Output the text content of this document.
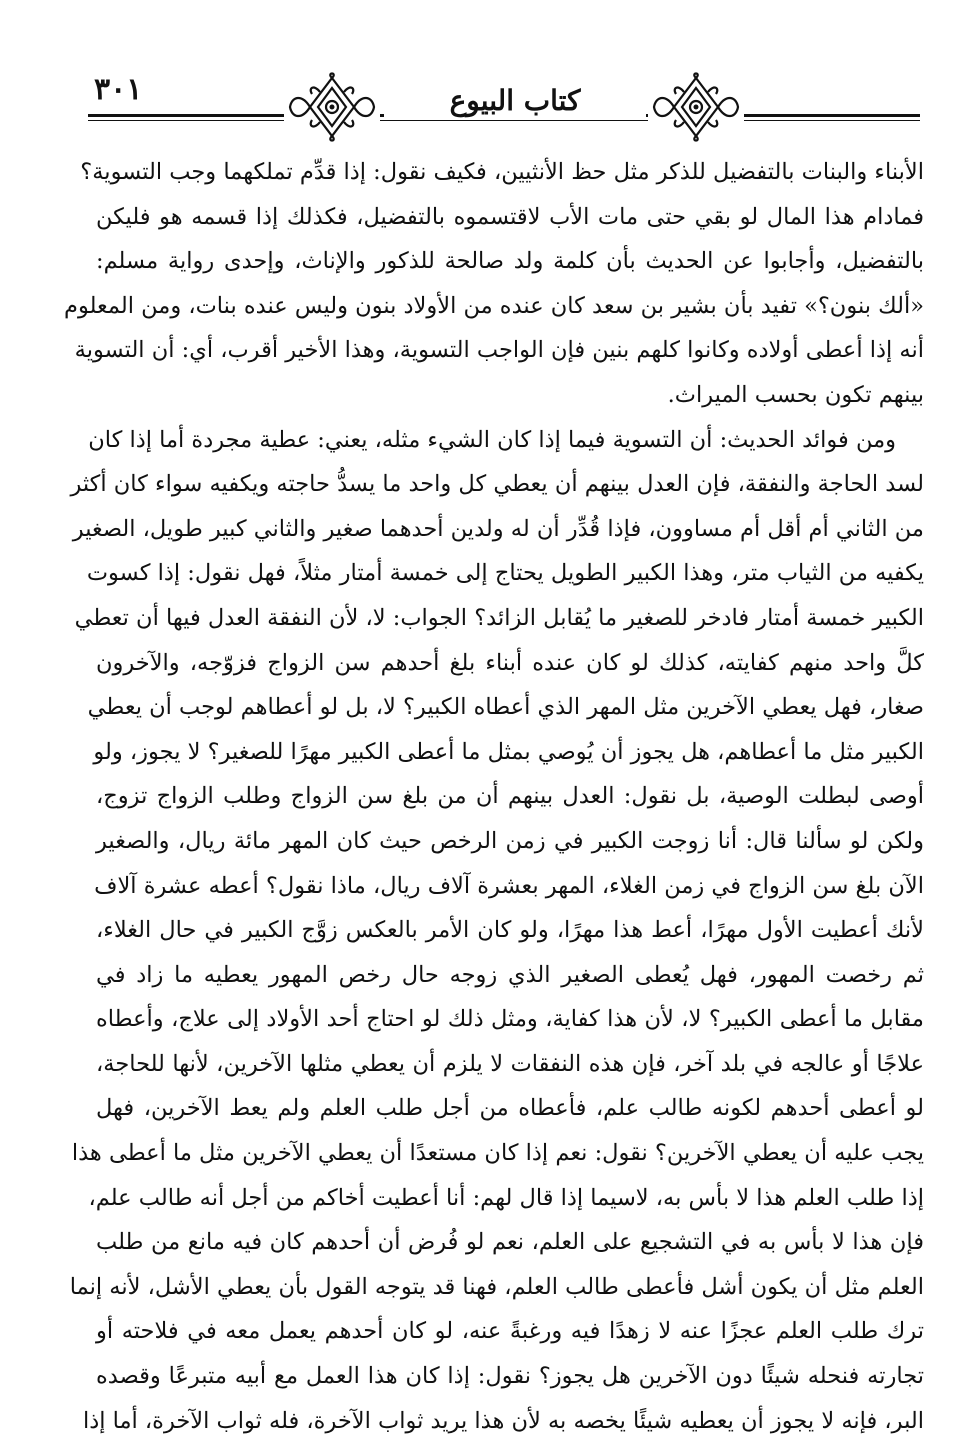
٣٠١	كتاب البيوع
الأبناء والبنات بالتفضيل للذكر مثل حظ الأنثيين، فكيف نقول: إذا قدِّم تملكهما وجب التسوية؟
فمادام هذا المال لو بقي حتى مات الأب لاقتسموه بالتفضيل، فكذلك إذا قسمه هو فليكن
بالتفضيل، وأجابوا عن الحديث بأن كلمة ولد صالحة للذكور والإناث، وإحدى رواية مسلم:
«ألك بنون؟» تفيد بأن بشير بن سعد كان عنده من الأولاد بنون وليس عنده بنات، ومن المعلوم
أنه إذا أعطى أولاده وكانوا كلهم بنين فإن الواجب التسوية، وهذا الأخير أقرب، أي: أن التسوية
بينهم تكون بحسب الميراث.
ومن فوائد الحديث: أن التسوية فيما إذا كان الشيء مثله، يعني: عطية مجردة أما إذا كان
لسد الحاجة والنفقة، فإن العدل بينهم أن يعطي كل واحد ما يسدُّ حاجته ويكفيه سواء كان أكثر
من الثاني أم أقل أم مساوون، فإذا قُدِّر أن له ولدين أحدهما صغير والثاني كبير طويل، الصغير
يكفيه من الثياب متر، وهذا الكبير الطويل يحتاج إلى خمسة أمتار مثلاً، فهل نقول: إذا كسوت
الكبير خمسة أمتار فادخر للصغير ما يُقابل الزائد؟ الجواب: لا، لأن النفقة العدل فيها أن تعطي
كلَّ واحد منهم كفايته، كذلك لو كان عنده أبناء بلغ أحدهم سن الزواج فزوّجه، والآخرون
صغار، فهل يعطي الآخرين مثل المهر الذي أعطاه الكبير؟ لا، بل لو أعطاهم لوجب أن يعطي
الكبير مثل ما أعطاهم، هل يجوز أن يُوصي بمثل ما أعطى الكبير مهرًا للصغير؟ لا يجوز، ولو
أوصى لبطلت الوصية، بل نقول: العدل بينهم أن من بلغ سن الزواج وطلب الزواج تزوج،
ولكن لو سألنا قال: أنا زوجت الكبير في زمن الرخص حيث كان المهر مائة ريال، والصغير
الآن بلغ سن الزواج في زمن الغلاء، المهر بعشرة آلاف ريال، ماذا نقول؟ أعطه عشرة آلاف
لأنك أعطيت الأول مهرًا، أعط هذا مهرًا، ولو كان الأمر بالعكس زوَّج الكبير في حال الغلاء،
ثم رخصت المهور، فهل يُعطى الصغير الذي زوجه حال رخص المهور يعطيه ما زاد في
مقابل ما أعطى الكبير؟ لا، لأن هذا كفاية، ومثل ذلك لو احتاج أحد الأولاد إلى علاج، وأعطاه
علاجًا أو عالجه في بلد آخر، فإن هذه النفقات لا يلزم أن يعطي مثلها الآخرين، لأنها للحاجة،
لو أعطى أحدهم لكونه طالب علم، فأعطاه من أجل طلب العلم ولم يعط الآخرين، فهل
يجب عليه أن يعطي الآخرين؟ نقول: نعم إذا كان مستعدًا أن يعطي الآخرين مثل ما أعطى هذا
إذا طلب العلم هذا لا بأس به، لاسيما إذا قال لهم: أنا أعطيت أخاكم من أجل أنه طالب علم،
فإن هذا لا بأس به في التشجيع على العلم، نعم لو فُرض أن أحدهم كان فيه مانع من طلب
العلم مثل أن يكون أشل فأعطى طالب العلم، فهنا قد يتوجه القول بأن يعطي الأشل، لأنه إنما
ترك طلب العلم عجزًا عنه لا زهدًا فيه ورغبةً عنه، لو كان أحدهم يعمل معه في فلاحته أو
تجارته فنحله شيئًا دون الآخرين هل يجوز؟ نقول: إذا كان هذا العمل مع أبيه متبرعًا وقصده
البر، فإنه لا يجوز أن يعطيه شيئًا يخصه به لأن هذا يريد ثواب الآخرة، فله ثواب الآخرة، أما إذا
